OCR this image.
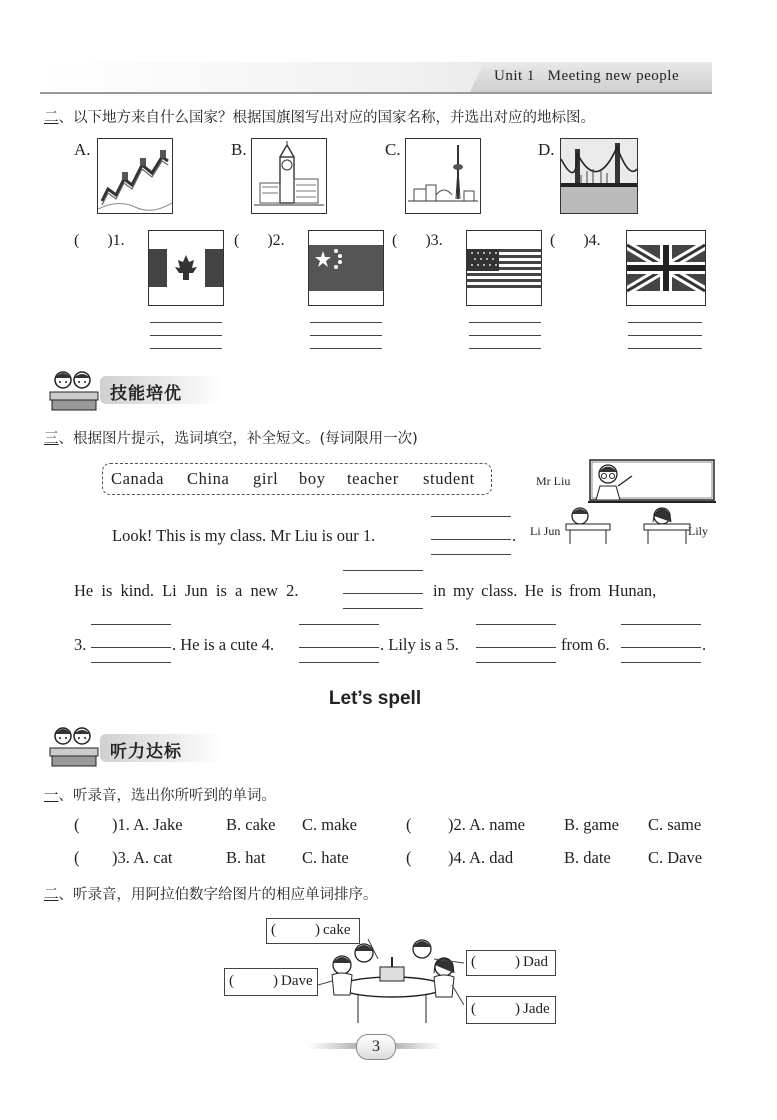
Unit 1   Meeting new people
二、以下地方来自什么国家？根据国旗图写出对应的国家名称，并选出对应的地标图。
A.	B.	C.	D.
( )1.	( )2.	( )3.	( )4.
技能培优
三、根据图片提示，选词填空，补全短文。(每词限用一次)
Canada China girl boy teacher student	Mr Liu
Li Jun	Lily
Look! This is my class. Mr Liu is our 1.	.
He is kind. Li Jun is a new 2.	in my class. He is from Hunan,
3.	. He is a cute 4.	. Lily is a 5.	from 6.	.
Let’s spell
听力达标
一、听录音，选出你所听到的单词。
( )1. A. Jake	B. cake C. make	( )2. A. name B. game C. same
( )3. A. cat	B. hat C. hate	( )4. A. dad	B. date C. Dave
二、听录音，用阿拉伯数字给图片的相应单词排序。
(	) cake
(	) Dad
(	) Dave
(	) Jade
3
